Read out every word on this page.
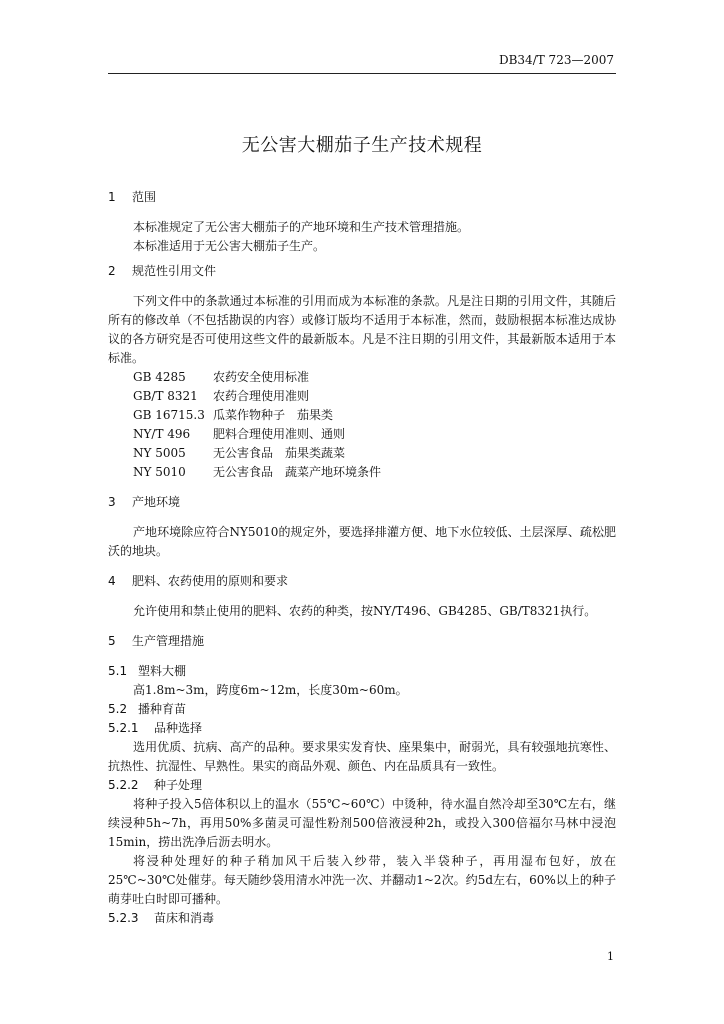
DB34/T 723—2007
无公害大棚茄子生产技术规程
1 范围

本标准规定了无公害大棚茄子的产地环境和生产技术管理措施。

本标准适用于无公害大棚茄子生产。

2 规范性引用文件

下列文件中的条款通过本标准的引用而成为本标准的条款。凡是注日期的引用文件，其随后所有的修改单（不包括勘误的内容）或修订版均不适用于本标准，然而，鼓励根据本标准达成协议的各方研究是否可使用这些文件的最新版本。凡是不注日期的引用文件，其最新版本适用于本标准。

GB 4285 农药安全使用标准
GB/T 8321 农药合理使用准则
GB 16715.3 瓜菜作物种子　茄果类
NY/T 496 肥料合理使用准则、通则
NY 5005 无公害食品　茄果类蔬菜
NY 5010 无公害食品　蔬菜产地环境条件
3 产地环境

产地环境除应符合NY5010的规定外，要选择排灌方便、地下水位较低、土层深厚、疏松肥沃的地块。

4 肥料、农药使用的原则和要求

允许使用和禁止使用的肥料、农药的种类，按NY/T496、GB4285、GB/T8321执行。

5 生产管理措施
5.1 塑料大棚

高1.8m~3m，跨度6m~12m，长度30m~60m。

5.2 播种育苗
5.2.1 品种选择

选用优质、抗病、高产的品种。要求果实发育快、座果集中，耐弱光，具有较强地抗寒性、抗热性、抗湿性、早熟性。果实的商品外观、颜色、内在品质具有一致性。

5.2.2 种子处理

将种子投入5倍体积以上的温水（55℃~60℃）中烫种，待水温自然冷却至30℃左右，继续浸种5h~7h，再用50%多菌灵可湿性粉剂500倍液浸种2h，或投入300倍福尔马林中浸泡15min，捞出洗净后沥去明水。

将浸种处理好的种子稍加风干后装入纱带，装入半袋种子，再用湿布包好，放在25℃~30℃处催芽。每天随纱袋用清水冲洗一次、并翻动1~2次。约5d左右，60%以上的种子萌芽吐白时即可播种。

5.2.3 苗床和消毒
1
